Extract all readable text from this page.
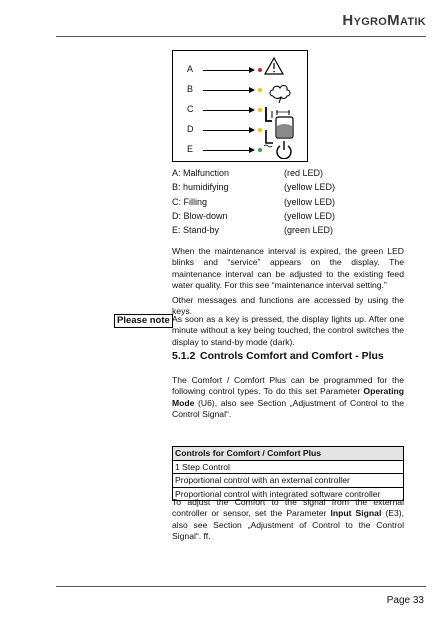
HYGROMATIK
A
B
C
D
E
A: Malfunction	(red LED)
B: humidifying	(yellow LED)
C: Filling	(yellow LED)
D: Blow-down	(yellow LED)
E: Stand-by	(green LED)
When the maintenance interval is expired, the green LED blinks and “service” appears on the display. The maintenance interval can be adjusted to the existing feed water quality. For this see “maintenance interval setting.”
Other messages and functions are accessed by using the keys.
Please note As soon as a key is pressed, the display lights up. After one minute without a key being touched, the control switches the display to stand-by mode (dark).
5.1.2 Controls Comfort and Comfort - Plus
The Comfort / Comfort Plus can be programmed for the following control types. To do this set Parameter Operating Mode (U6), also see Section „Adjustment of Control to the Control Signal“.
Controls for Comfort / Comfort Plus
1 Step Control
Proportional control with an external controller
Proportional control with integrated software controller
To adjust the Comfort to the signal from the external controller or sensor, set the Parameter Input Signal (E3), also see Section „Adjustment of Control to the Control Signal“. ff.
Page 33
